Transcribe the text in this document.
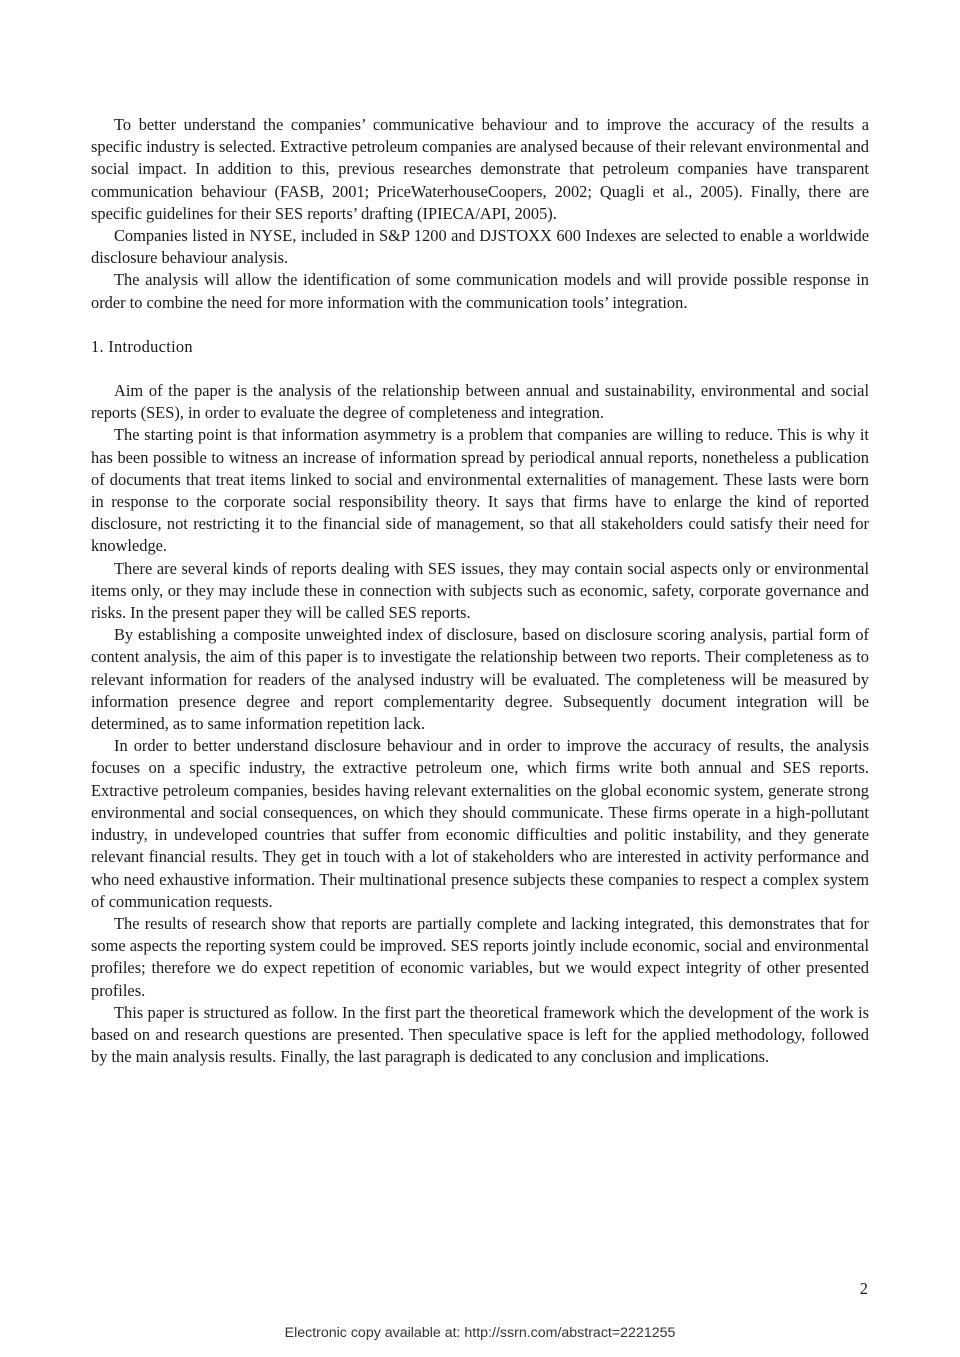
To better understand the companies’ communicative behaviour and to improve the accuracy of the results a specific industry is selected. Extractive petroleum companies are analysed because of their relevant environmental and social impact. In addition to this, previous researches demonstrate that petroleum companies have transparent communication behaviour (FASB, 2001; PriceWaterhouseCoopers, 2002; Quagli et al., 2005). Finally, there are specific guidelines for their SES reports’ drafting (IPIECA/API, 2005).

Companies listed in NYSE, included in S&P 1200 and DJSTOXX 600 Indexes are selected to enable a worldwide disclosure behaviour analysis.

The analysis will allow the identification of some communication models and will provide possible response in order to combine the need for more information with the communication tools’ integration.

1. Introduction

Aim of the paper is the analysis of the relationship between annual and sustainability, environmental and social reports (SES), in order to evaluate the degree of completeness and integration.

The starting point is that information asymmetry is a problem that companies are willing to reduce. This is why it has been possible to witness an increase of information spread by periodical annual reports, nonetheless a publication of documents that treat items linked to social and environmental externalities of management. These lasts were born in response to the corporate social responsibility theory. It says that firms have to enlarge the kind of reported disclosure, not restricting it to the financial side of management, so that all stakeholders could satisfy their need for knowledge.

There are several kinds of reports dealing with SES issues, they may contain social aspects only or environmental items only, or they may include these in connection with subjects such as economic, safety, corporate governance and risks. In the present paper they will be called SES reports.

By establishing a composite unweighted index of disclosure, based on disclosure scoring analysis, partial form of content analysis, the aim of this paper is to investigate the relationship between two reports. Their completeness as to relevant information for readers of the analysed industry will be evaluated. The completeness will be measured by information presence degree and report complementarity degree. Subsequently document integration will be determined, as to same information repetition lack.

In order to better understand disclosure behaviour and in order to improve the accuracy of results, the analysis focuses on a specific industry, the extractive petroleum one, which firms write both annual and SES reports. Extractive petroleum companies, besides having relevant externalities on the global economic system, generate strong environmental and social consequences, on which they should communicate. These firms operate in a high-pollutant industry, in undeveloped countries that suffer from economic difficulties and politic instability, and they generate relevant financial results. They get in touch with a lot of stakeholders who are interested in activity performance and who need exhaustive information. Their multinational presence subjects these companies to respect a complex system of communication requests.

The results of research show that reports are partially complete and lacking integrated, this demonstrates that for some aspects the reporting system could be improved. SES reports jointly include economic, social and environmental profiles; therefore we do expect repetition of economic variables, but we would expect integrity of other presented profiles.

This paper is structured as follow. In the first part the theoretical framework which the development of the work is based on and research questions are presented. Then speculative space is left for the applied methodology, followed by the main analysis results. Finally, the last paragraph is dedicated to any conclusion and implications.

2
Electronic copy available at: http://ssrn.com/abstract=2221255
